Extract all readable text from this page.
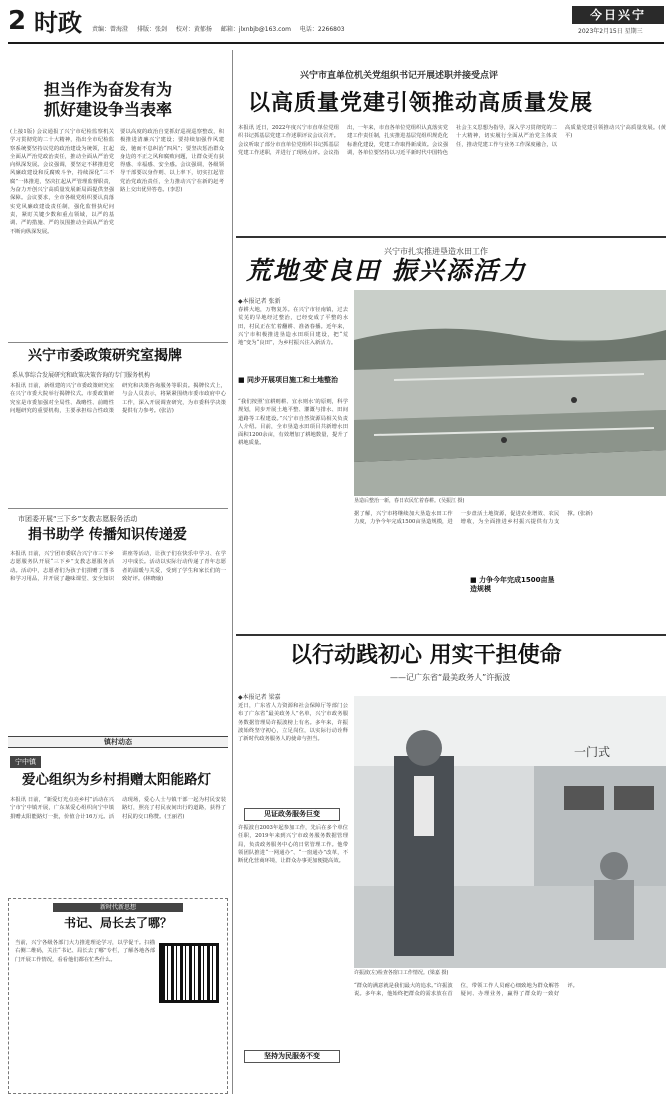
2 时政 责编：曾海澄 排版：张剑 校对：黄郁扬 邮箱：jlxnbjb@163.com 电话：2266803
今日兴宁
2023年2月15日 星期三
担当作为奋发有为
抓好建设争当表率
(上接1版) 会议通报了兴宁市纪检监察机关学习贯彻党的二十大精神，指出全市纪检监察系统要坚持以党的政治建设为统领，扛起全面从严治党政治责任，推动全面从严治党向纵深发展。会议强调，要坚定不移推进党风廉政建设和反腐败斗争，持续深化“三不腐”一体推进，坚决扛起从严管理监督职责，为奋力开创兴宁高质量发展新局面提供坚强保障。会议要求，全市各级党组织要认真落实党风廉政建设责任制，强化监督执纪问责，紧盯关键少数和重点领域，以严的基调、严的措施、严的氛围推动全面从严治党不断向纵深发展。
要以高度的政治自觉抓好巡视巡察整改，积极推进清廉兴宁建设；要持续加强作风建设，驰而不息纠治“四风”；要坚决惩治群众身边的不正之风和腐败问题，让群众更有获得感、幸福感、安全感。会议强调，各级领导干部要以身作则、以上率下，切实扛起管党治党政治责任，全力推动兴宁在新的赶考路上交出优异答卷。(李思)
兴宁市委政策研究室揭牌
系从事综合发展研究和政策决策咨询的专门服务机构
本报讯 日前，新组建的兴宁市委政策研究室在兴宁市委大院举行揭牌仪式。市委政策研究室是市委加强对全局性、战略性、前瞻性问题研究的重要机构，主要承担综合性政策研究和决策咨询服务等职责。揭牌仪式上，与会人员表示，将紧紧围绕市委市政府中心工作，深入开展调查研究，为市委科学决策提供有力参考。(张洁)
市团委开展“三下乡”支教志愿服务活动
捐书助学 传播知识传递爱
本报讯 日前，兴宁团市委联合兴宁市三下乡志愿服务队开展“三下乡”支教志愿服务活动。活动中，志愿者们为孩子们捐赠了图书和学习用品，并开展了趣味课堂、安全知识讲座等活动，让孩子们在快乐中学习、在学习中成长。活动以实际行动传递了青年志愿者的温暖与关爱，受到了学生和家长们的一致好评。(林晓瑜)
镇村动态
宁中镇
爱心组织为乡村捐赠太阳能路灯
本报讯 日前，“新爱灯光点亮乡村”活动在兴宁市宁中镇开展，广东某爱心组织向宁中镇捐赠太阳能路灯一批，价值合计16万元。活动现场，爱心人士与镇干部一起为村民安装路灯，照亮了村民夜间出行的道路，获得了村民的交口称赞。(王丽君)
新时代新思想
书记、局长去了哪？
当前，兴宁各级各部门大力推进理论学习，以学促干。扫描右侧二维码，关注“书记、局长去了哪”专栏，了解各地各部门开展工作情况，看看他们都在忙些什么。
兴宁市直单位机关党组织书记开展述职并接受点评
以高质量党建引领推动高质量发展
本报讯 近日，2022年度兴宁市直单位党组织书记抓基层党建工作述职评议会议召开。会议听取了部分市直单位党组织书记抓基层党建工作述职，并进行了现场点评。会议指出，一年来，市直各单位党组织认真落实党建工作责任制，扎实推进基层党组织规范化标准化建设，党建工作取得新成效。会议强调，各单位要坚持以习近平新时代中国特色社会主义思想为指导，深入学习贯彻党的二十大精神，切实履行全面从严治党主体责任，推动党建工作与业务工作深度融合，以高质量党建引领推动兴宁高质量发展。(黄平)
兴宁市扎实推进垦造水田工作
荒地变良田 振兴添活力
◆本报记者 张新
春耕大地，万物复苏。在兴宁市径南镇，过去荒芜的旱地经过整治，已经变成了平整的水田，村民正在忙着翻耕、准备春播。近年来，兴宁市积极推进垦造水田项目建设，把“荒地”变为“良田”，为乡村振兴注入新活力。
■ 同步开展项目施工和土地整治
“我们按照‘宜耕则耕、宜水则水’的原则，科学规划，同步开展土地平整、灌溉与排水、田间道路等工程建设。”兴宁市自然资源局相关负责人介绍。目前，全市垦造水田项目共新增水田面积1200余亩，有效增加了耕地数量，提升了耕地质量。
垦造后整治一新，春日农民忙着春耕。(吴振江 摄)
据了解，兴宁市将继续加大垦造水田工作力度，力争今年完成1500亩垦造规模，进一步盘活土地资源，促进农业增效、农民增收，为全面推进乡村振兴提供有力支撑。(张新)
■ 力争今年完成1500亩垦造规模
以行动践初心 用实干担使命
——记广东省“最美政务人”许振波
◆本报记者 梁嘉
近日，广东省人力资源和社会保障厅等部门公布了广东省“最美政务人”名单，兴宁市政务服务数据管理局许振波榜上有名。多年来，许振波始终坚守初心，立足岗位，以实际行动诠释了新时代政务服务人的使命与担当。
见证政务服务巨变
许振波自2003年起参加工作，先后在多个单位任职，2019年来到兴宁市政务服务数据管理局，负责政务服务中心的日常管理工作。他带领团队推进“一网通办”、“一窗通办”改革，不断优化营商环境，让群众办事更加便捷高效。
一门式
许振波(左)检查各窗口工作情况。(梁嘉 摄)
“群众的满意就是我们最大的追求。”许振波说。多年来，他始终把群众的需求放在首位，带领工作人员耐心细致地为群众解答疑问、办理业务，赢得了群众的一致好评。
坚持为民服务不变
